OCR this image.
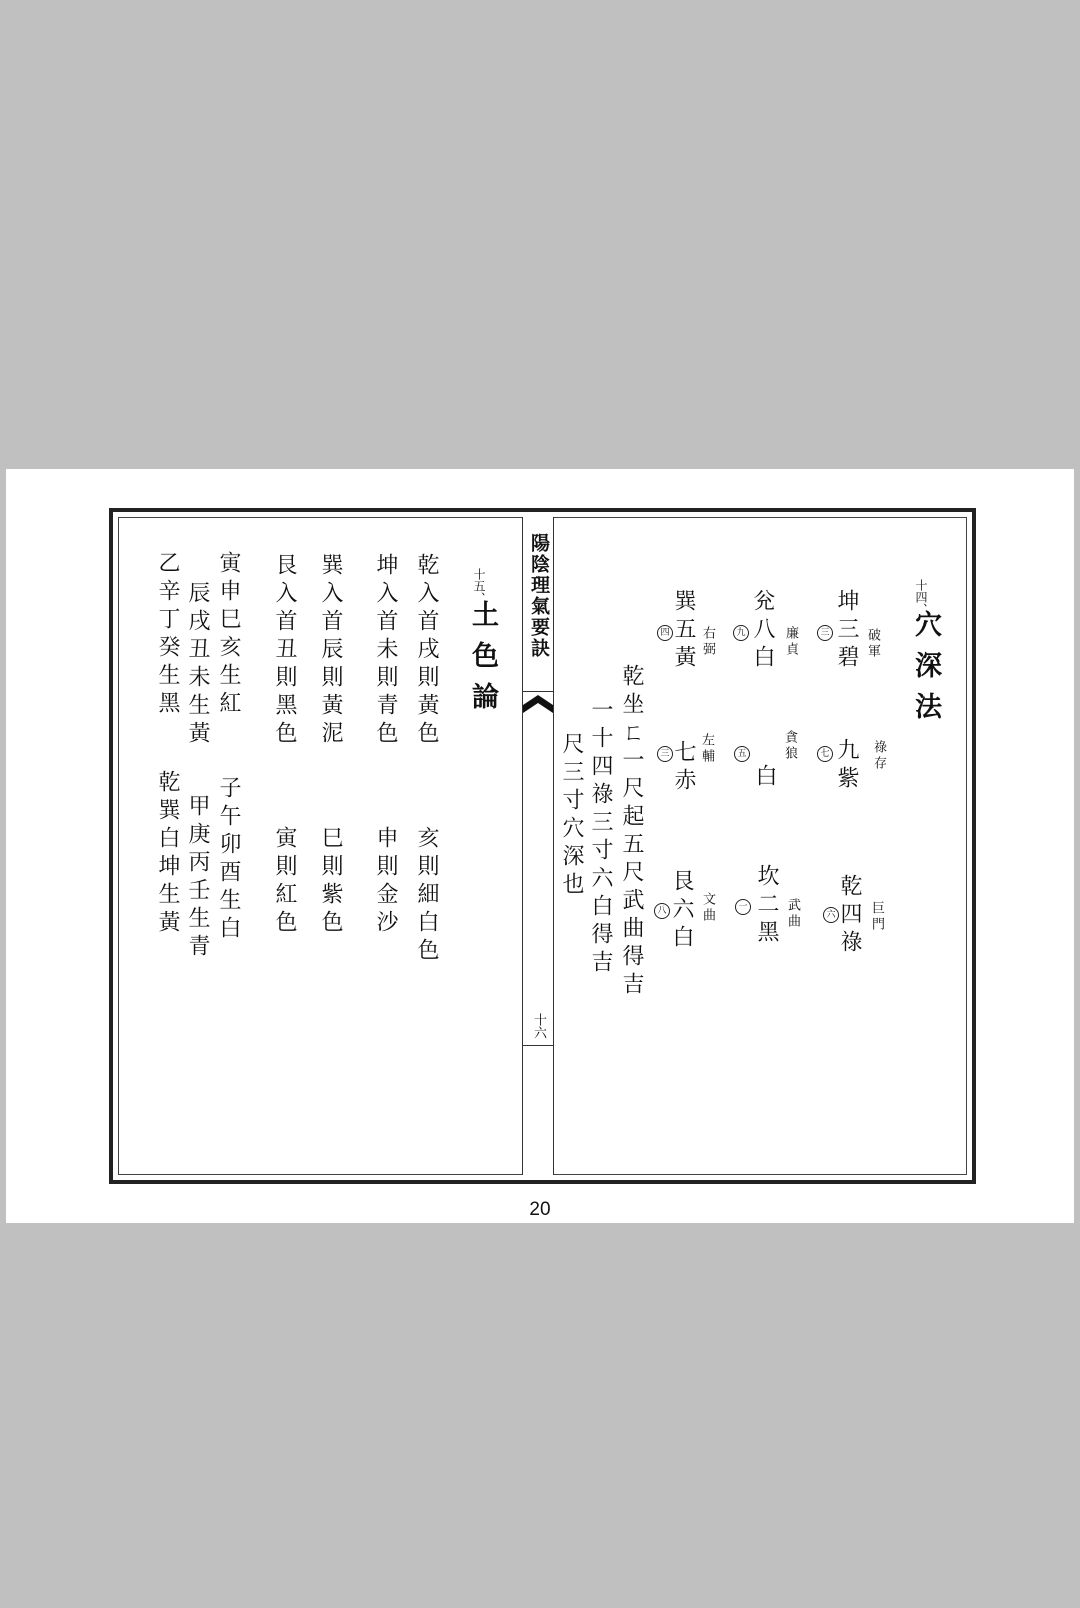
陽陰理氣要訣
十六
十四、
穴深法
破軍
三 坤三碧
廉貞
九 兊八白
右弼
四 巽五黃
祿存
七 九紫
貪狼
五
白
左輔
三 七赤
巨門
六 乾四祿
武曲
一 坎二黑
文曲
八 艮六白
乾坐ㄈ一尺起五尺武曲得吉
一十四祿三寸六白得吉
尺三寸穴深也
十五、
土色論
乾入首戌則黃色
亥則細白色
坤入首未則青色
申則金沙
巽入首辰則黃泥
巳則紫色
艮入首丑則黑色
寅則紅色
寅申巳亥生紅
子午卯酉生白
辰戌丑未生黃
甲庚丙壬生青
乙辛丁癸生黑
乾巽白坤生黃
20
